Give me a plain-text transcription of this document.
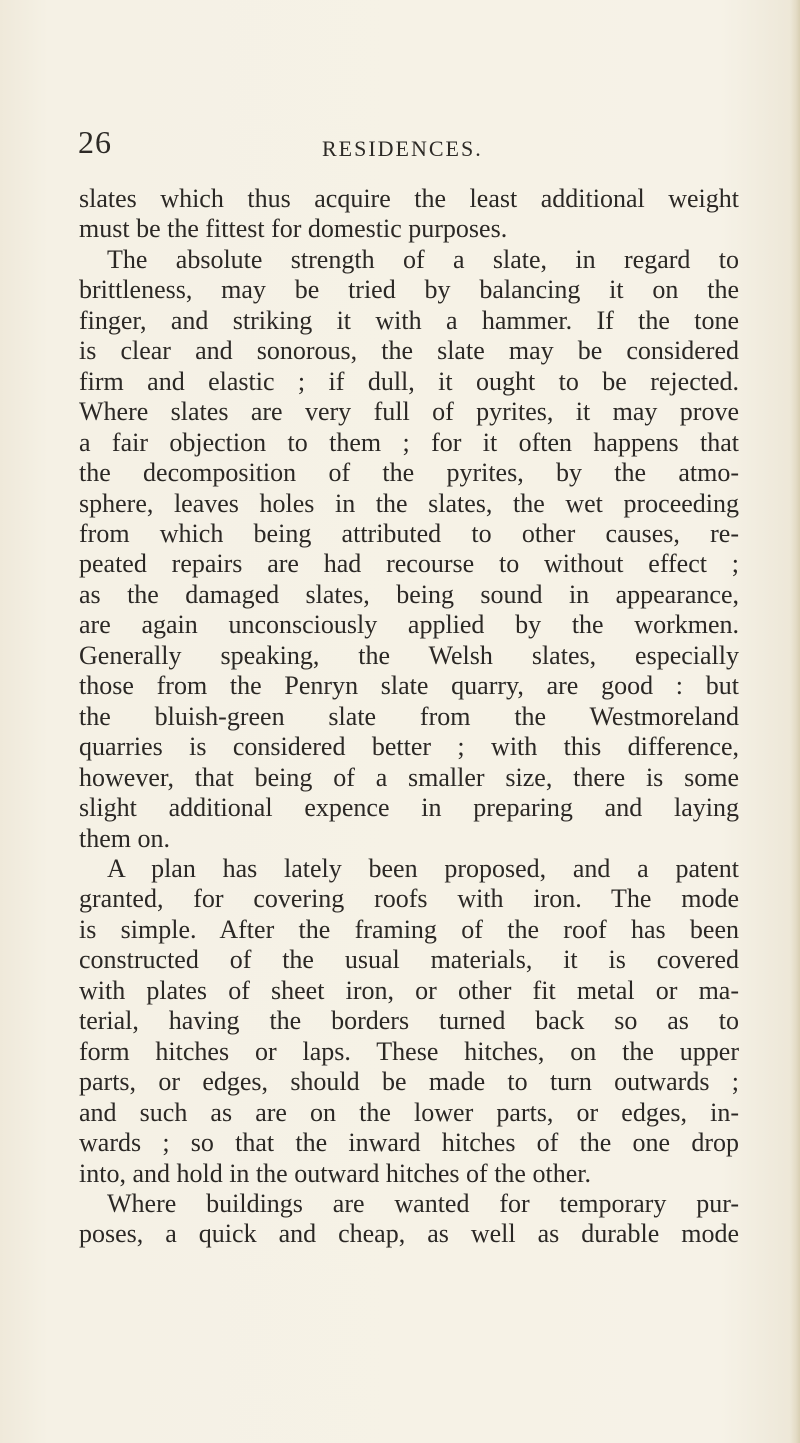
26	RESIDENCES.
slates which thus acquire the least additional weight
must be the fittest for domestic purposes.
The absolute strength of a slate, in regard to
brittleness, may be tried by balancing it on the
finger, and striking it with a hammer. If the tone
is clear and sonorous, the slate may be considered
firm and elastic ; if dull, it ought to be rejected.
Where slates are very full of pyrites, it may prove
a fair objection to them ; for it often happens that
the decomposition of the pyrites, by the atmo-
sphere, leaves holes in the slates, the wet proceeding
from which being attributed to other causes, re-
peated repairs are had recourse to without effect ;
as the damaged slates, being sound in appearance,
are again unconsciously applied by the workmen.
Generally speaking, the Welsh slates, especially
those from the Penryn slate quarry, are good : but
the bluish-green slate from the Westmoreland
quarries is considered better ; with this difference,
however, that being of a smaller size, there is some
slight additional expence in preparing and laying
them on.
A plan has lately been proposed, and a patent
granted, for covering roofs with iron. The mode
is simple. After the framing of the roof has been
constructed of the usual materials, it is covered
with plates of sheet iron, or other fit metal or ma-
terial, having the borders turned back so as to
form hitches or laps. These hitches, on the upper
parts, or edges, should be made to turn outwards ;
and such as are on the lower parts, or edges, in-
wards ; so that the inward hitches of the one drop
into, and hold in the outward hitches of the other.
Where buildings are wanted for temporary pur-
poses, a quick and cheap, as well as durable mode
